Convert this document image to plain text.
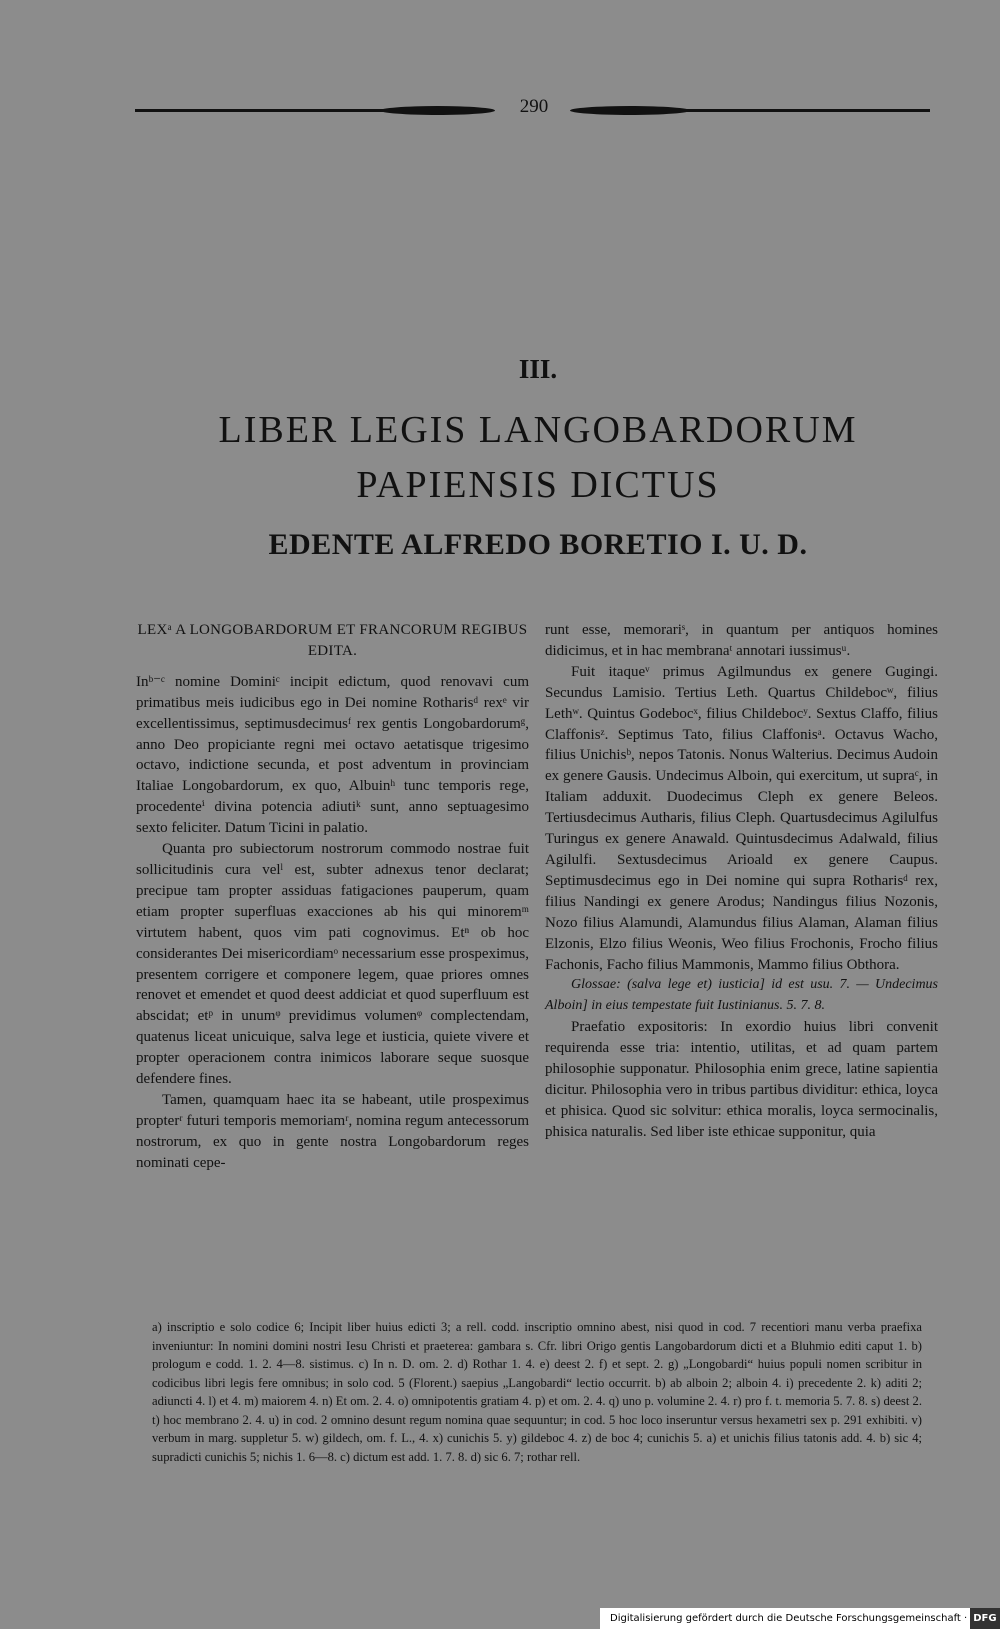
290
III.
LIBER LEGIS LANGOBARDORUM
PAPIENSIS DICTUS
EDENTE ALFREDO BORETIO I. U. D.

LEXᵃ A LONGOBARDORUM ET FRANCORUM REGIBUS EDITA.

Inᵇ⁻ᶜ nomine Dominiᶜ incipit edictum, quod renovavi cum primatibus meis iudicibus ego in Dei nomine Rotharisᵈ rexᵉ vir excellentissimus, septimusdecimusᶠ rex gentis Longobardorumᵍ, anno Deo propiciante regni mei octavo aetatisque trigesimo octavo, indictione secunda, et post adventum in provinciam Italiae Longobardorum, ex quo, Albuinʰ tunc temporis rege, procedenteⁱ divina potencia adiutiᵏ sunt, anno septuagesimo sexto feliciter. Datum Ticini in palatio.

Quanta pro subiectorum nostrorum commodo nostrae fuit sollicitudinis cura velˡ est, subter adnexus tenor declarat; precipue tam propter assiduas fatigaciones pauperum, quam etiam propter superfluas exacciones ab his qui minoremᵐ virtutem habent, quos vim pati cognovimus. Etⁿ ob hoc considerantes Dei misericordiamᵒ necessarium esse prospeximus, presentem corrigere et componere legem, quae priores omnes renovet et emendet et quod deest addiciat et quod superfluum est abscidat; etᵖ in unumᵠ previdimus volumenᵠ complectendam, quatenus liceat unicuique, salva lege et iusticia, quiete vivere et propter operacionem contra inimicos laborare seque suosque defendere fines.

Tamen, quamquam haec ita se habeant, utile prospeximus propterʳ futuri temporis memoriamʳ, nomina regum antecessorum nostrorum, ex quo in gente nostra Longobardorum reges nominati cepe-

runt esse, memorariˢ, in quantum per antiquos homines didicimus, et in hac membranaᵗ annotari iussimusᵘ.

Fuit itaqueᵛ primus Agilmundus ex genere Gugingi. Secundus Lamisio. Tertius Leth. Quartus Childebocʷ, filius Lethʷ. Quintus Godebocˣ, filius Childebocʸ. Sextus Claffo, filius Claffonisᶻ. Septimus Tato, filius Claffonisᵃ. Octavus Wacho, filius Unichisᵇ, nepos Tatonis. Nonus Walterius. Decimus Audoin ex genere Gausis. Undecimus Alboin, qui exercitum, ut supraᶜ, in Italiam adduxit. Duodecimus Cleph ex genere Beleos. Tertiusdecimus Autharis, filius Cleph. Quartusdecimus Agilulfus Turingus ex genere Anawald. Quintusdecimus Adalwald, filius Agilulfi. Sextusdecimus Arioald ex genere Caupus. Septimusdecimus ego in Dei nomine qui supra Rotharisᵈ rex, filius Nandingi ex genere Arodus; Nandingus filius Nozonis, Nozo filius Alamundi, Alamundus filius Alaman, Alaman filius Elzonis, Elzo filius Weonis, Weo filius Frochonis, Frocho filius Fachonis, Facho filius Mammonis, Mammo filius Obthora.

Glossae: (salva lege et) iusticia] id est usu. 7. — Undecimus Alboin] in eius tempestate fuit Iustinianus. 5. 7. 8.

Praefatio expositoris: In exordio huius libri convenit requirenda esse tria: intentio, utilitas, et ad quam partem philosophie supponatur. Philosophia enim grece, latine sapientia dicitur. Philosophia vero in tribus partibus dividitur: ethica, loyca et phisica. Quod sic solvitur: ethica moralis, loyca sermocinalis, phisica naturalis. Sed liber iste ethicae supponitur, quia

a) inscriptio e solo codice 6; Incipit liber huius edicti 3; a rell. codd. inscriptio omnino abest, nisi quod in cod. 7 recentiori manu verba praefixa inveniuntur: In nomini domini nostri Iesu Christi et praeterea: gambara s. Cfr. libri Origo gentis Langobardorum dicti et a Bluhmio editi caput 1. b) prologum e codd. 1. 2. 4—8. sistimus. c) In n. D. om. 2. d) Rothar 1. 4. e) deest 2. f) et sept. 2. g) „Longobardi“ huius populi nomen scribitur in codicibus libri legis fere omnibus; in solo cod. 5 (Florent.) saepius „Langobardi“ lectio occurrit. b) ab alboin 2; alboin 4. i) precedente 2. k) aditi 2; adiuncti 4. l) et 4. m) maiorem 4. n) Et om. 2. 4. o) omnipotentis gratiam 4. p) et om. 2. 4. q) uno p. volumine 2. 4. r) pro f. t. memoria 5. 7. 8. s) deest 2. t) hoc membrano 2. 4. u) in cod. 2 omnino desunt regum nomina quae sequuntur; in cod. 5 hoc loco inseruntur versus hexametri sex p. 291 exhibiti. v) verbum in marg. suppletur 5. w) gildech, om. f. L., 4. x) cunichis 5. y) gildeboc 4. z) de boc 4; cunichis 5. a) et unichis filius tatonis add. 4. b) sic 4; supradicti cunichis 5; nichis 1. 6—8. c) dictum est add. 1. 7. 8. d) sic 6. 7; rothar rell.

Digitalisierung gefördert durch die Deutsche Forschungsgemeinschaft · DFG
